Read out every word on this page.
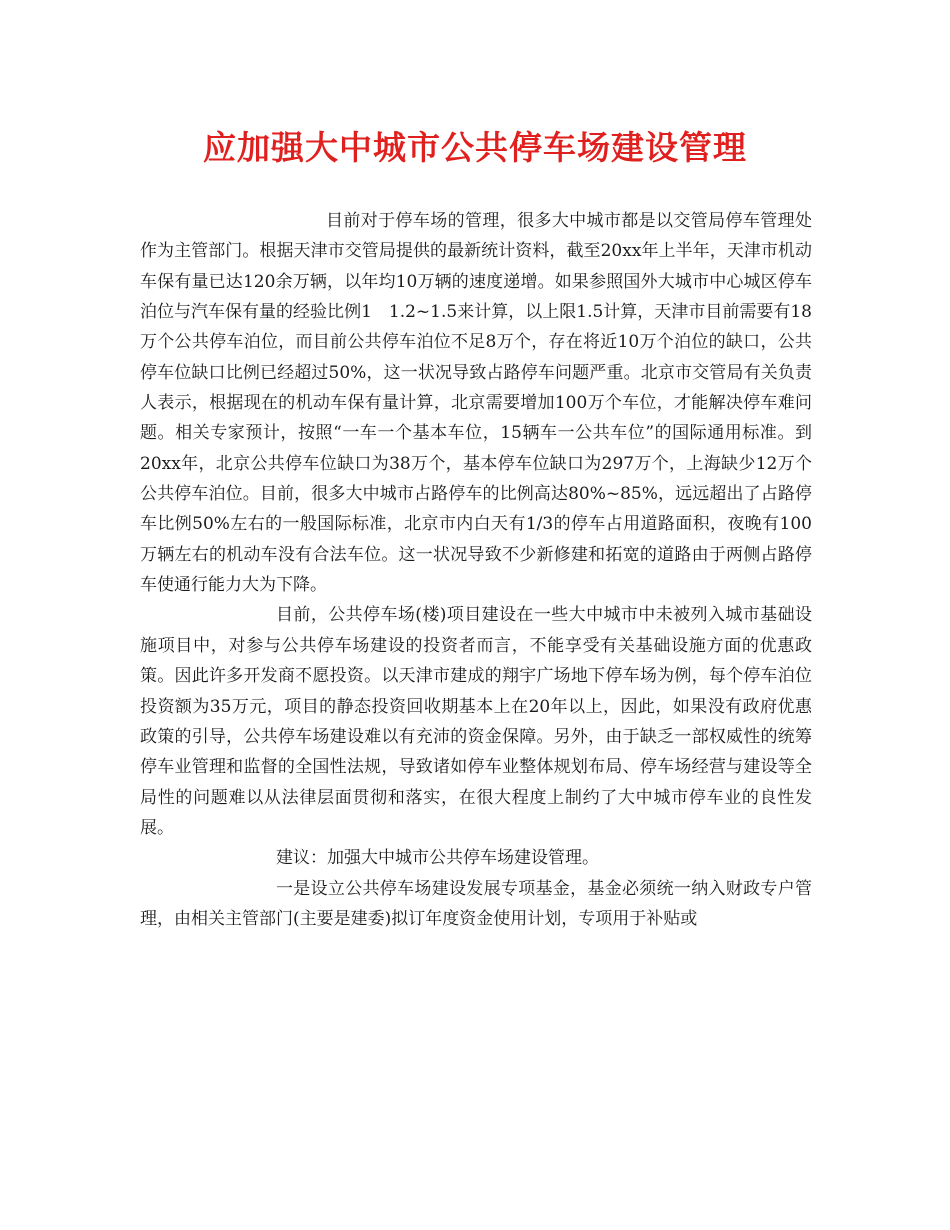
应加强大中城市公共停车场建设管理

目前对于停车场的管理，很多大中城市都是以交管局停车管理处作为主管部门。根据天津市交管局提供的最新统计资料，截至20xx年上半年，天津市机动车保有量已达120余万辆，以年均10万辆的速度递增。如果参照国外大城市中心城区停车泊位与汽车保有量的经验比例1　1.2~1.5来计算，以上限1.5计算，天津市目前需要有18万个公共停车泊位，而目前公共停车泊位不足8万个，存在将近10万个泊位的缺口，公共停车位缺口比例已经超过50%，这一状况导致占路停车问题严重。北京市交管局有关负责人表示，根据现在的机动车保有量计算，北京需要增加100万个车位，才能解决停车难问题。相关专家预计，按照“一车一个基本车位，15辆车一公共车位”的国际通用标准。到20xx年，北京公共停车位缺口为38万个，基本停车位缺口为297万个，上海缺少12万个公共停车泊位。目前，很多大中城市占路停车的比例高达80%~85%，远远超出了占路停车比例50%左右的一般国际标准，北京市内白天有1/3的停车占用道路面积，夜晚有100万辆左右的机动车没有合法车位。这一状况导致不少新修建和拓宽的道路由于两侧占路停车使通行能力大为下降。

目前，公共停车场(楼)项目建设在一些大中城市中未被列入城市基础设施项目中，对参与公共停车场建设的投资者而言，不能享受有关基础设施方面的优惠政策。因此许多开发商不愿投资。以天津市建成的翔宇广场地下停车场为例，每个停车泊位投资额为35万元，项目的静态投资回收期基本上在20年以上，因此，如果没有政府优惠政策的引导，公共停车场建设难以有充沛的资金保障。另外，由于缺乏一部权威性的统筹停车业管理和监督的全国性法规，导致诸如停车业整体规划布局、停车场经营与建设等全局性的问题难以从法律层面贯彻和落实，在很大程度上制约了大中城市停车业的良性发展。

建议：加强大中城市公共停车场建设管理。

一是设立公共停车场建设发展专项基金，基金必须统一纳入财政专户管理，由相关主管部门(主要是建委)拟订年度资金使用计划，专项用于补贴或
